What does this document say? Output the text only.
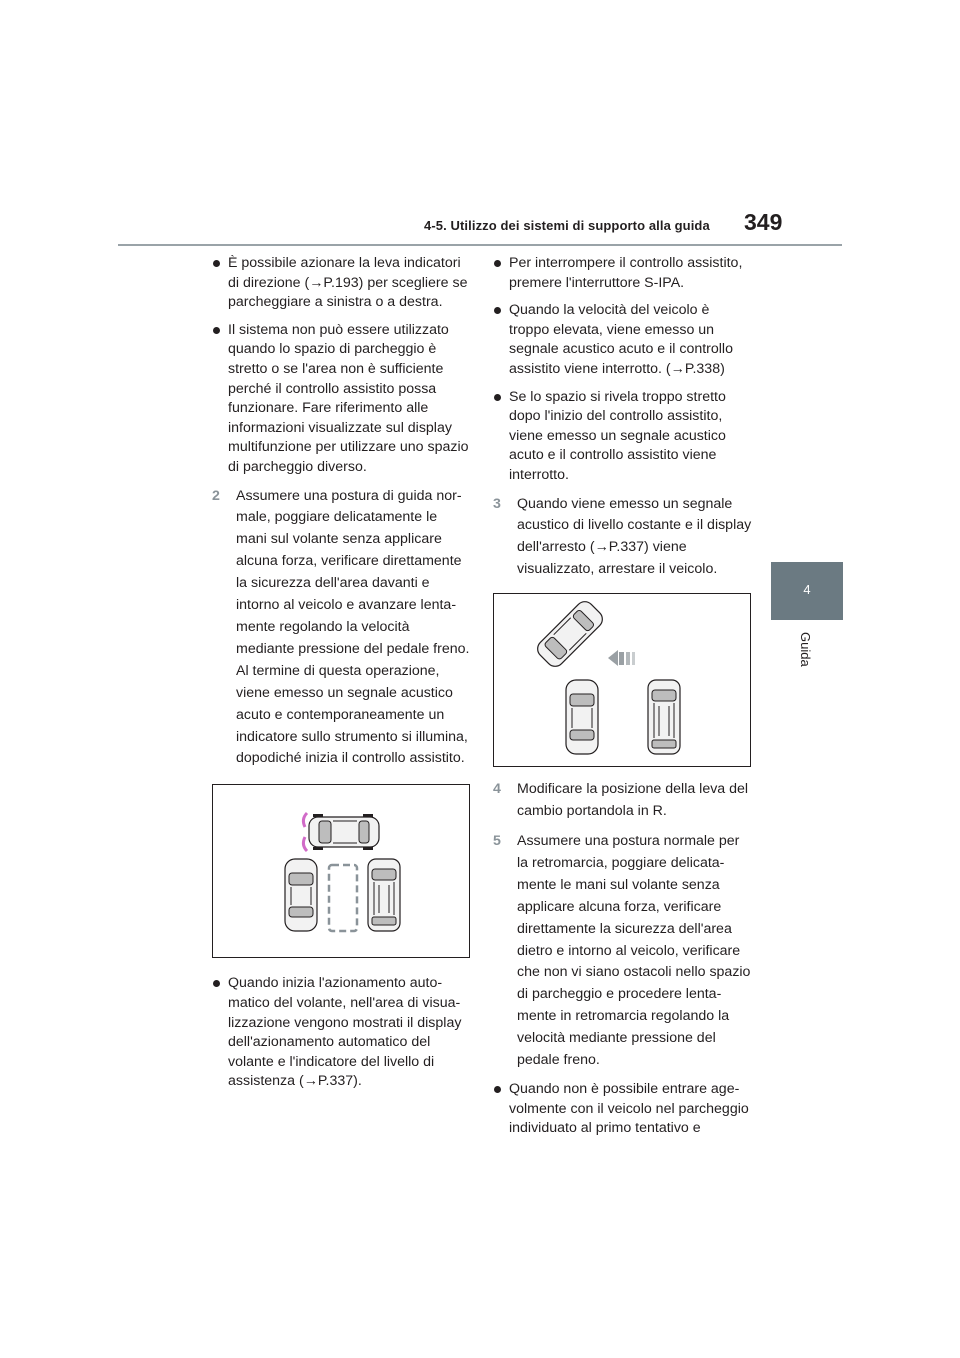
4-5. Utilizzo dei sistemi di supporto alla guida 349
4
Guida
È possibile azionare la leva indicatori di direzione (→P.193) per scegliere se parcheggiare a sinistra o a destra.
Il sistema non può essere utilizzato quando lo spazio di parcheggio è stretto o se l'area non è sufficiente perché il controllo assistito possa funzionare. Fare riferimento alle informazioni visualizzate sul display multifunzione per utilizzare uno spazio di parcheggio diverso.
2 Assumere una postura di guida normale, poggiare delicatamente le mani sul volante senza applicare alcuna forza, verificare direttamente la sicurezza dell'area davanti e intorno al veicolo e avanzare lentamente regolando la velocità mediante pressione del pedale freno. Al termine di questa operazione, viene emesso un segnale acustico acuto e contemporaneamente un indicatore sullo strumento si illumina, dopodiché inizia il controllo assistito.
Quando inizia l'azionamento automatico del volante, nell'area di visualizzazione vengono mostrati il display dell'azionamento automatico del volante e l'indicatore del livello di assistenza (→P.337).
Per interrompere il controllo assistito, premere l'interruttore S-IPA.
Quando la velocità del veicolo è troppo elevata, viene emesso un segnale acustico acuto e il controllo assistito viene interrotto. (→P.338)
Se lo spazio si rivela troppo stretto dopo l'inizio del controllo assistito, viene emesso un segnale acustico acuto e il controllo assistito viene interrotto.
3 Quando viene emesso un segnale acustico di livello costante e il display dell'arresto (→P.337) viene visualizzato, arrestare il veicolo.
4 Modificare la posizione della leva del cambio portandola in R.
5 Assumere una postura normale per la retromarcia, poggiare delicatamente le mani sul volante senza applicare alcuna forza, verificare direttamente la sicurezza dell'area dietro e intorno al veicolo, verificare che non vi siano ostacoli nello spazio di parcheggio e procedere lentamente in retromarcia regolando la velocità mediante pressione del pedale freno.
Quando non è possibile entrare agevolmente con il veicolo nel parcheggio individuato al primo tentativo e
